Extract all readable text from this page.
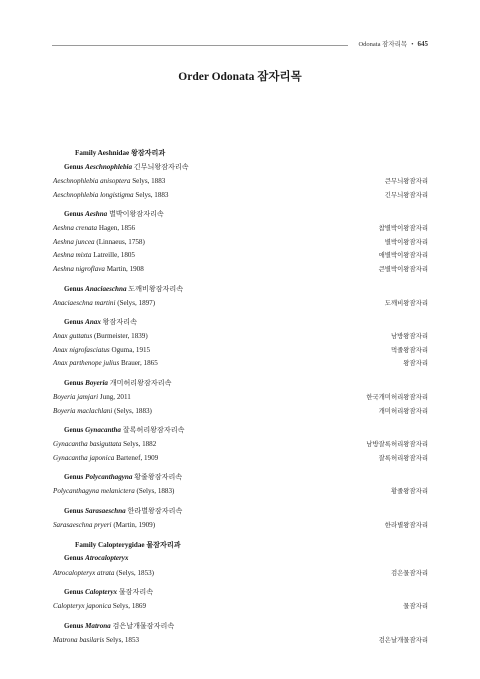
Odonata 잠자리목 • 645
Order Odonata 잠자리목
Family Aeshnidae 왕잠자리과
Genus Aeschnophlebia 긴무늬왕잠자리속
Aeschnophlebia anisoptera Selys, 1883	큰무늬왕잠자리
Aeschnophlebia longistigma Selys, 1883	긴무늬왕잠자리
Genus Aeshna 별박이왕잠자리속
Aeshna crenata Hagen, 1856	참별박이왕잠자리
Aeshna juncea (Linnaeus, 1758)	별박이왕잠자리
Aeshna mixta Latreille, 1805	애별박이왕잠자리
Aeshna nigroflava Martin, 1908	큰별박이왕잠자리
Genus Anaciaeschna 도깨비왕잠자리속
Anaciaeschna martini (Selys, 1897)	도깨비왕잠자리
Genus Anax 왕잠자리속
Anax guttatus (Burmeister, 1839)	남방왕잠자리
Anax nigrofasciatus Oguma, 1915	먹줄왕잠자리
Anax parthenope julius Brauer, 1865	왕잠자리
Genus Boyeria 개미허리왕잠자리속
Boyeria jamjari Jung, 2011	한국개미허리왕잠자리
Boyeria maclachlani (Selys, 1883)	개미허리왕잠자리
Genus Gynacantha 잘록허리왕잠자리속
Gynacantha basiguttata Selys, 1882	남방잘록허리왕잠자리
Gynacantha japonica Bartenef, 1909	잘록허리왕잠자리
Genus Polycanthagyna 황줄왕잠자리속
Polycanthagyna melanictera (Selys, 1883)	황줄왕잠자리
Genus Sarasaeschna 한라별왕잠자리속
Sarasaeschna pryeri (Martin, 1909)	한라별왕잠자리
Family Calopterygidae 물잠자리과
Genus Atrocalopteryx
Atrocalopteryx atrata (Selys, 1853)	검은물잠자리
Genus Calopteryx 물잠자리속
Calopteryx japonica Selys, 1869	물잠자리
Genus Matrona 검은날개물잠자리속
Matrona basilaris Selys, 1853	검은날개물잠자리
